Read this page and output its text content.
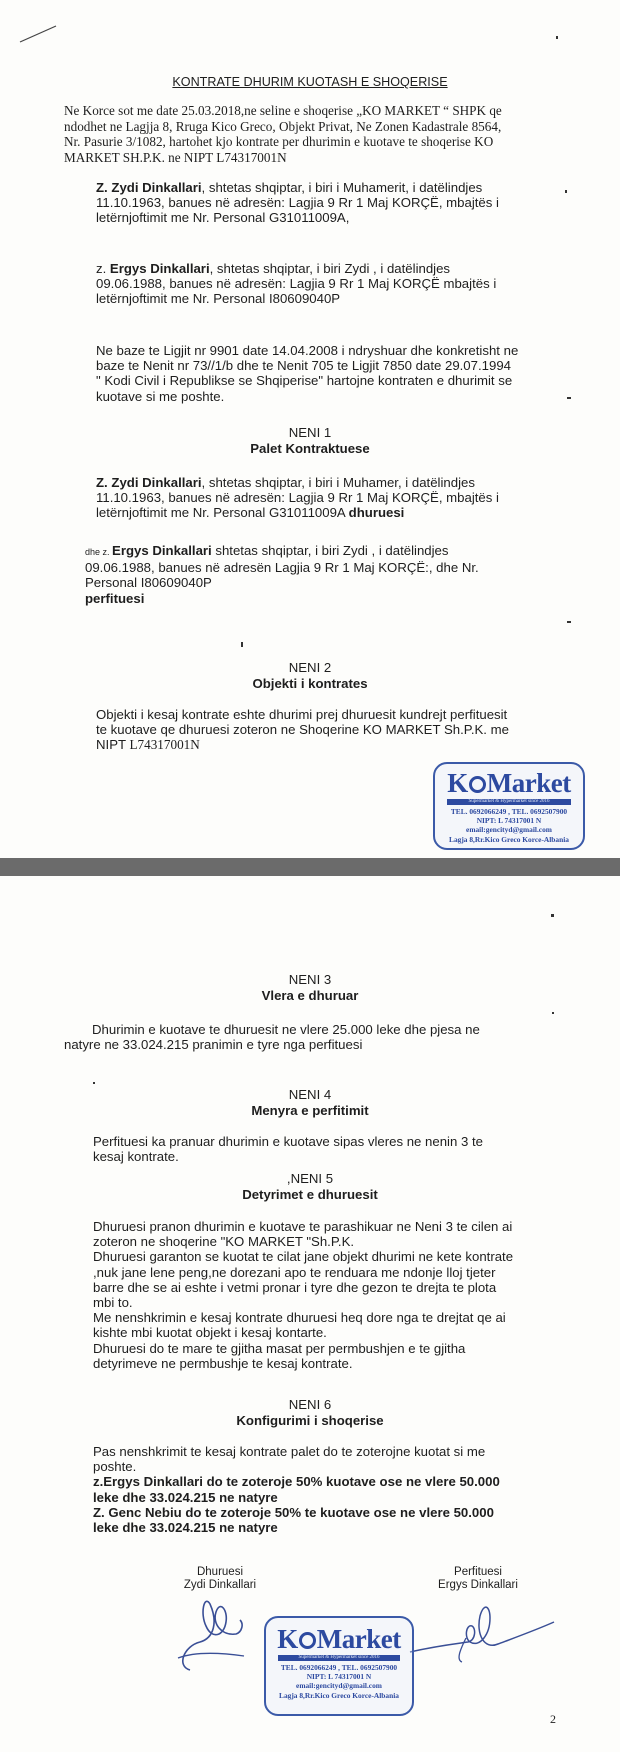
KONTRATE DHURIM KUOTASH E SHOQERISE
Ne Korce sot me date 25.03.2018,ne seline e shoqerise „KO MARKET “ SHPK qe
ndodhet ne Lagjja 8, Rruga Kico Greco, Objekt Privat, Ne Zonen Kadastrale 8564,
Nr. Pasurie 3/1082, hartohet kjo kontrate per dhurimin e kuotave te shoqerise KO
MARKET SH.P.K. ne NIPT L74317001N
Z. Zydi Dinkallari, shtetas shqiptar, i biri i Muhamerit, i datëlindjes
11.10.1963, banues në adresën: Lagjia 9 Rr 1 Maj KORÇË, mbajtës i
letërnjoftimit me Nr. Personal G31011009A,
z. Ergys Dinkallari, shtetas shqiptar, i biri Zydi , i datëlindjes
09.06.1988, banues në adresën: Lagjia 9 Rr 1 Maj KORÇË mbajtës i
letërnjoftimit me Nr. Personal I80609040P
Ne baze te Ligjit nr 9901 date 14.04.2008 i ndryshuar dhe konkretisht ne
baze te Nenit nr 73//1/b dhe te Nenit 705 te Ligjit 7850 date 29.07.1994
" Kodi Civil i Republikse se Shqiperise" hartojne kontraten e dhurimit se
kuotave si me poshte.
NENI 1
Palet Kontraktuese
Z. Zydi Dinkallari, shtetas shqiptar, i biri i Muhamer, i datëlindjes
11.10.1963, banues në adresën: Lagjia 9 Rr 1 Maj KORÇË, mbajtës i
letërnjoftimit me Nr. Personal G31011009A dhuruesi
dhe z. Ergys Dinkallari shtetas shqiptar, i biri Zydi , i datëlindjes
09.06.1988, banues në adresën Lagjia 9 Rr 1 Maj KORÇË:, dhe Nr.
Personal I80609040P
perfituesi
NENI 2
Objekti i kontrates
Objekti i kesaj kontrate eshte dhurimi prej dhuruesit kundrejt perfituesit
te kuotave qe dhuruesi zoteron ne Shoqerine KO MARKET Sh.P.K. me
NIPT L74317001N
K Market
Supermarket & Hypermarket since 2016
TEL. 0692066249 , TEL. 0692507900
NIPT: L 74317001 N
email:gencityd@gmail.com
Lagja 8,Rr.Kico Greco Korce-Albania
NENI 3
Vlera e dhuruar
Dhurimin e kuotave te dhuruesit ne vlere 25.000 leke dhe pjesa ne
natyre ne 33.024.215 pranimin e tyre nga perfituesi
NENI 4
Menyra e perfitimit
Perfituesi ka pranuar dhurimin e kuotave sipas vleres ne nenin 3 te
kesaj kontrate.
,NENI 5
Detyrimet e dhuruesit
Dhuruesi pranon dhurimin e kuotave te parashikuar ne Neni 3 te cilen ai
zoteron ne shoqerine "KO MARKET "Sh.P.K.
Dhuruesi garanton se kuotat te cilat jane objekt dhurimi ne kete kontrate
,nuk jane lene peng,ne dorezani apo te renduara me ndonje lloj tjeter
barre dhe se ai eshte i vetmi pronar i tyre dhe gezon te drejta te plota
mbi to.
Me nenshkrimin e kesaj kontrate dhuruesi heq dore nga te drejtat qe ai
kishte mbi kuotat objekt i kesaj kontarte.
Dhuruesi do te mare te gjitha masat per permbushjen e te gjitha
detyrimeve ne permbushje te kesaj kontrate.
NENI 6
Konfigurimi i shoqerise
Pas nenshkrimit te kesaj kontrate palet do te zoterojne kuotat si me
poshte.
z.Ergys Dinkallari do te zoteroje 50% kuotave ose ne vlere 50.000
leke dhe 33.024.215 ne natyre
Z. Genc Nebiu do te zoteroje 50% te kuotave ose ne vlere 50.000
leke dhe 33.024.215 ne natyre
Dhuruesi
Zydi Dinkallari
Perfituesi
Ergys Dinkallari
K Market
Supermarket & Hypermarket since 2016
TEL. 0692066249 , TEL. 0692507900
NIPT: L 74317001 N
email:gencityd@gmail.com
Lagja 8,Rr.Kico Greco Korce-Albania
2
